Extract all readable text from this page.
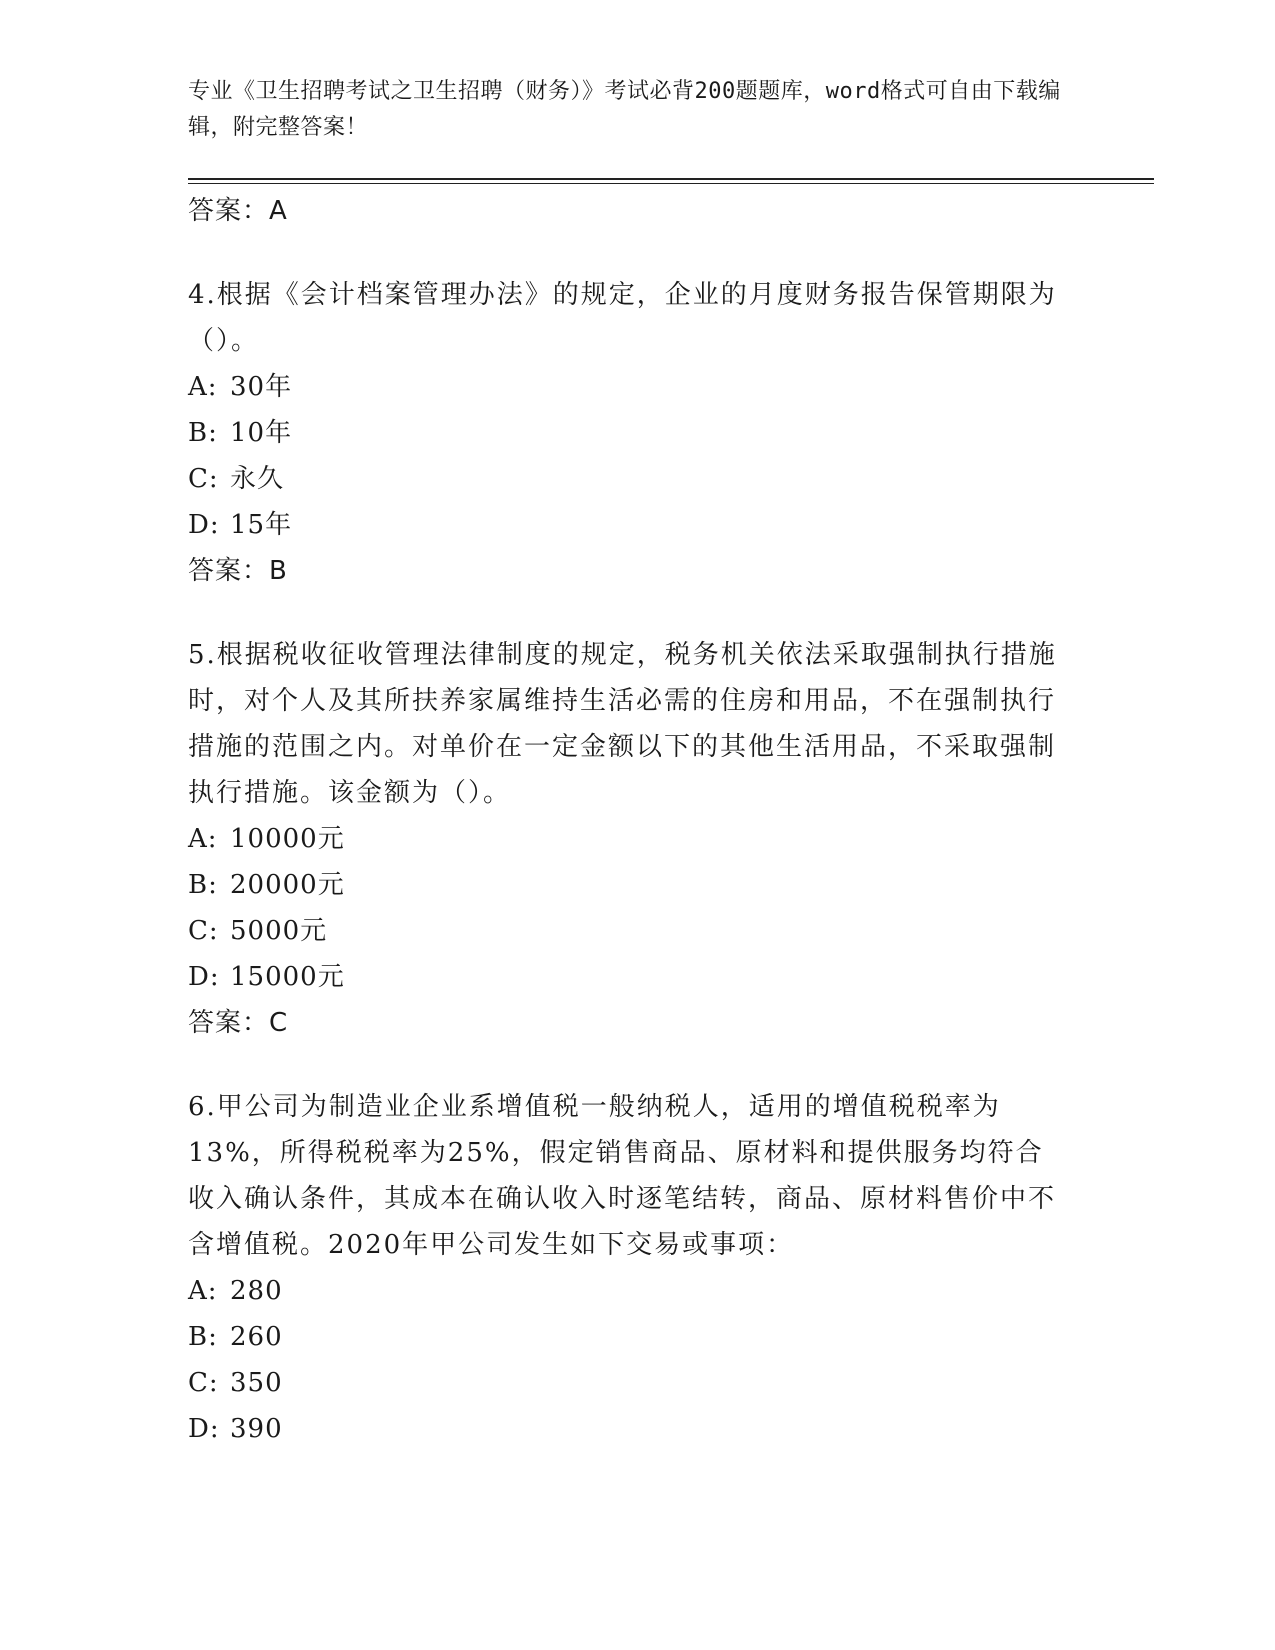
专业《卫生招聘考试之卫生招聘（财务）》考试必背200题题库，word格式可自由下载编辑，附完整答案！
答案：A

4.根据《会计档案管理办法》的规定，企业的月度财务报告保管期限为（）。

A: 30年
B: 10年
C: 永久
D: 15年
答案：B

5.根据税收征收管理法律制度的规定，税务机关依法采取强制执行措施时，对个人及其所扶养家属维持生活必需的住房和用品，不在强制执行措施的范围之内。对单价在一定金额以下的其他生活用品，不采取强制执行措施。该金额为（）。

A: 10000元
B: 20000元
C: 5000元
D: 15000元
答案：C

6.甲公司为制造业企业系增值税一般纳税人，适用的增值税税率为13%，所得税税率为25%，假定销售商品、原材料和提供服务均符合收入确认条件，其成本在确认收入时逐笔结转，商品、原材料售价中不含增值税。2020年甲公司发生如下交易或事项：

A: 280
B: 260
C: 350
D: 390
